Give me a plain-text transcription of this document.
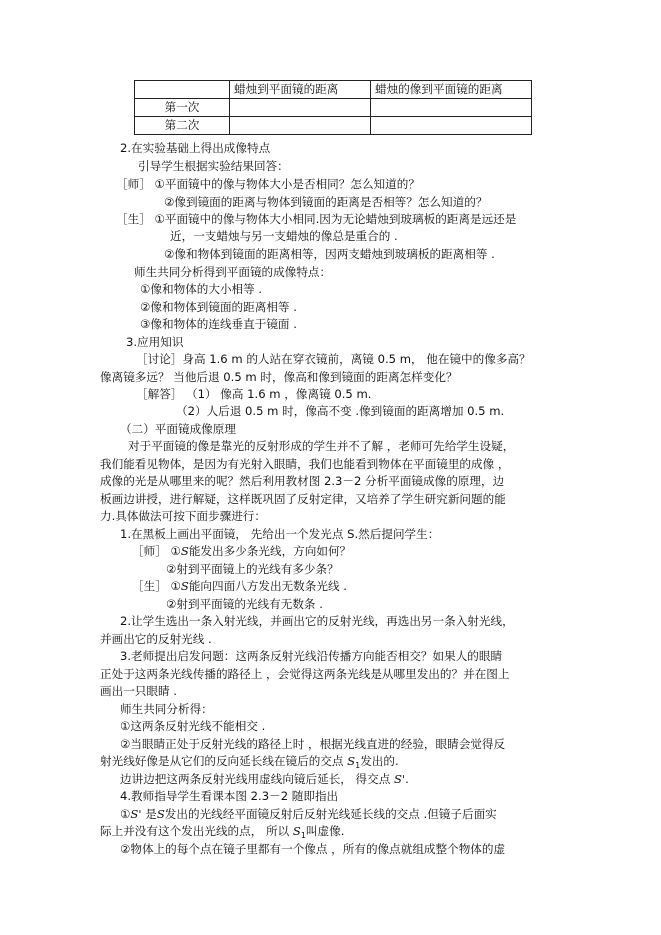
	蜡烛到平面镜的距离	蜡烛的像到平面镜的距离
第一次		
第二次		
2.在实验基础上得出成像特点
引导学生根据实验结果回答：
［师］ ①平面镜中的像与物体大小是否相同？怎么知道的？
②像到镜面的距离与物体到镜面的距离是否相等？怎么知道的？
［生］ ①平面镜中的像与物体大小相同.因为无论蜡烛到玻璃板的距离是远还是
近，一支蜡烛与另一支蜡烛的像总是重合的 .
②像和物体到镜面的距离相等，因两支蜡烛到玻璃板的距离相等 .
师生共同分析得到平面镜的成像特点：
①像和物体的大小相等 .
②像和物体到镜面的距离相等 .
③像和物体的连线垂直于镜面 .
3.应用知识
［讨论］身高 1.6 m 的人站在穿衣镜前，离镜 0.5 m， 他在镜中的像多高？
像离镜多远？ 当他后退 0.5 m 时，像高和像到镜面的距离怎样变化？
［解答］ （1） 像高 1.6 m ，像离镜 0.5 m.
（2）人后退 0.5 m 时，像高不变 .像到镜面的距离增加 0.5 m.
（二）平面镜成像原理
对于平面镜的像是靠光的反射形成的学生并不了解 ，老师可先给学生设疑，
我们能看见物体，是因为有光射入眼睛，我们也能看到物体在平面镜里的成像 ，
成像的光是从哪里来的呢？然后利用教材图 2.3－2 分析平面镜成像的原理，边
板画边讲授，进行解疑，这样既巩固了反射定律，又培养了学生研究新问题的能
力.具体做法可按下面步骤进行：
1.在黑板上画出平面镜， 先给出一个发光点 S.然后提问学生：
［师］ ①S能发出多少条光线，方向如何？
②射到平面镜上的光线有多少条？
［生］ ①S能向四面八方发出无数条光线 .
②射到平面镜的光线有无数条 .
2.让学生选出一条入射光线，并画出它的反射光线，再选出另一条入射光线，
并画出它的反射光线 .
3.老师提出启发问题：这两条反射光线沿传播方向能否相交？如果人的眼睛
正处于这两条光线传播的路径上 ，会觉得这两条光线是从哪里发出的？并在图上
画出一只眼睛 .
师生共同分析得：
①这两条反射光线不能相交 .
②当眼睛正处于反射光线的路径上时 ，根据光线直进的经验，眼睛会觉得反
射光线好像是从它们的反向延长线在镜后的交点 $S_1$发出的.
边讲边把这两条反射光线用虚线向镜后延长， 得交点 S'.
4.教师指导学生看课本图 2.3－2 随即指出
①S' 是S发出的光线经平面镜反射后反射光线延长线的交点 .但镜子后面实
际上并没有这个发出光线的点， 所以 $S_1$叫虚像.
②物体上的每个点在镜子里都有一个像点 ，所有的像点就组成整个物体的虚
